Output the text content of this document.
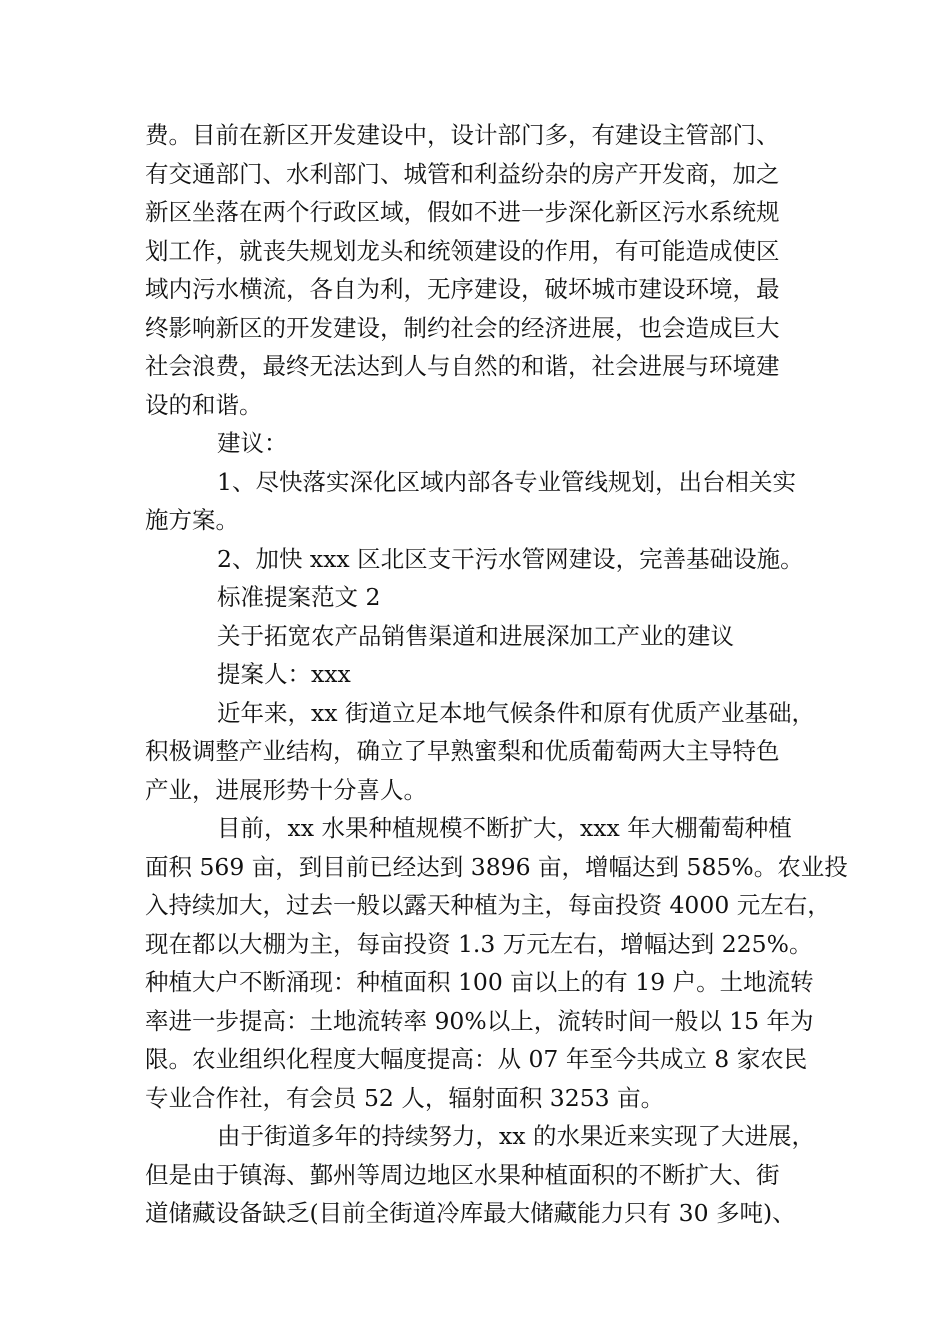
费。目前在新区开发建设中，设计部门多，有建设主管部门、
有交通部门、水利部门、城管和利益纷杂的房产开发商，加之
新区坐落在两个行政区域，假如不进一步深化新区污水系统规
划工作，就丧失规划龙头和统领建设的作用，有可能造成使区
域内污水横流，各自为利，无序建设，破坏城市建设环境，最
终影响新区的开发建设，制约社会的经济进展，也会造成巨大
社会浪费，最终无法达到人与自然的和谐，社会进展与环境建
设的和谐。
建议：
1、尽快落实深化区域内部各专业管线规划，出台相关实
施方案。
2、加快 xxx 区北区支干污水管网建设，完善基础设施。
标准提案范文 2
关于拓宽农产品销售渠道和进展深加工产业的建议
提案人：xxx
近年来，xx 街道立足本地气候条件和原有优质产业基础，
积极调整产业结构，确立了早熟蜜梨和优质葡萄两大主导特色
产业，进展形势十分喜人。
目前，xx 水果种植规模不断扩大，xxx 年大棚葡萄种植
面积 569 亩，到目前已经达到 3896 亩，增幅达到 585%。农业投
入持续加大，过去一般以露天种植为主，每亩投资 4000 元左右，
现在都以大棚为主，每亩投资 1.3 万元左右，增幅达到 225%。
种植大户不断涌现：种植面积 100 亩以上的有 19 户。土地流转
率进一步提高：土地流转率 90%以上，流转时间一般以 15 年为
限。农业组织化程度大幅度提高：从 07 年至今共成立 8 家农民
专业合作社，有会员 52 人，辐射面积 3253 亩。
由于街道多年的持续努力，xx 的水果近来实现了大进展，
但是由于镇海、鄞州等周边地区水果种植面积的不断扩大、街
道储藏设备缺乏(目前全街道冷库最大储藏能力只有 30 多吨)、
